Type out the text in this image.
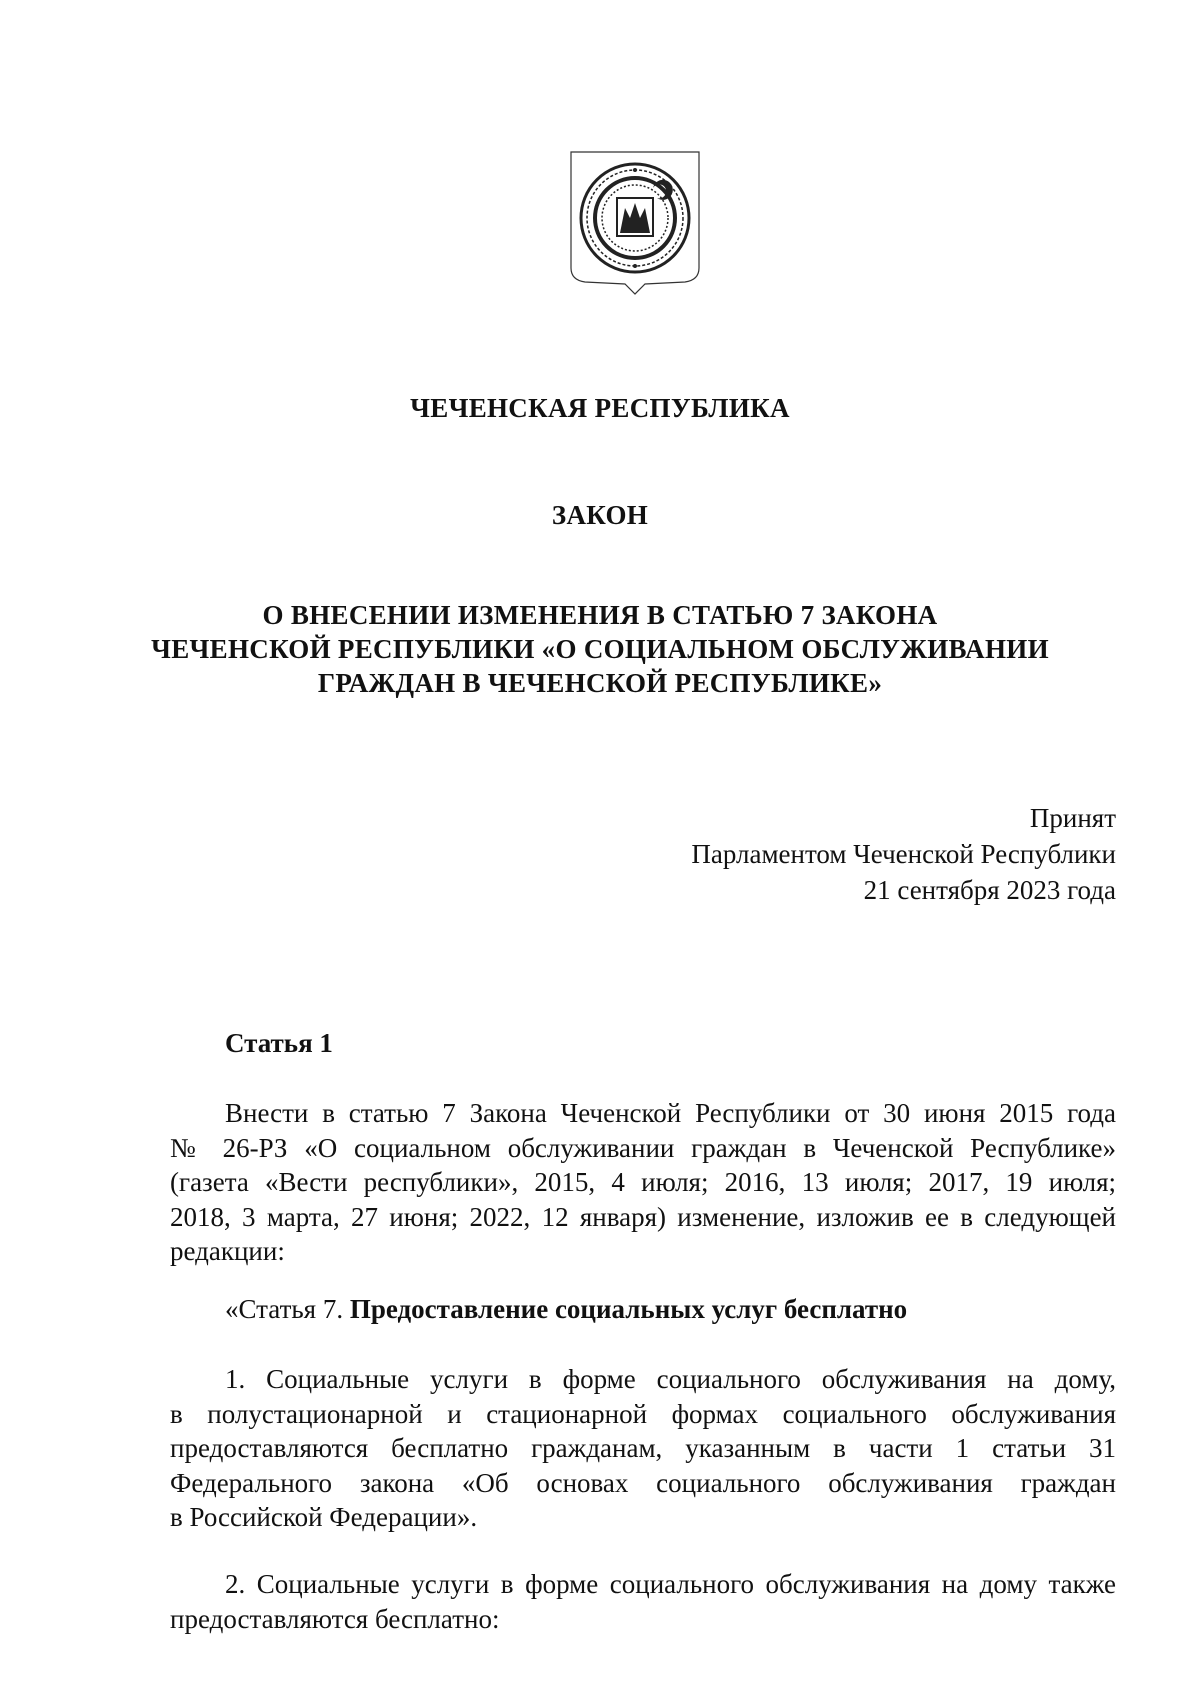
ЧЕЧЕНСКАЯ РЕСПУБЛИКА
ЗАКОН
О ВНЕСЕНИИ ИЗМЕНЕНИЯ В СТАТЬЮ 7 ЗАКОНА
ЧЕЧЕНСКОЙ РЕСПУБЛИКИ «О СОЦИАЛЬНОМ ОБСЛУЖИВАНИИ
ГРАЖДАН В ЧЕЧЕНСКОЙ РЕСПУБЛИКЕ»
Принят
Парламентом Чеченской Республики
21 сентября 2023 года
Статья 1
Внести в статью 7 Закона Чеченской Республики от 30 июня 2015 года
№ 26-РЗ «О социальном обслуживании граждан в Чеченской Республике»
(газета «Вести республики», 2015, 4 июля; 2016, 13 июля; 2017, 19 июля;
2018, 3 марта, 27 июня; 2022, 12 января) изменение, изложив ее в следующей
редакции:
«Статья 7. Предоставление социальных услуг бесплатно
1. Социальные услуги в форме социального обслуживания на дому,
в полустационарной и стационарной формах социального обслуживания
предоставляются бесплатно гражданам, указанным в части 1 статьи 31
Федерального закона «Об основах социального обслуживания граждан
в Российской Федерации».
2. Социальные услуги в форме социального обслуживания на дому также
предоставляются бесплатно:
